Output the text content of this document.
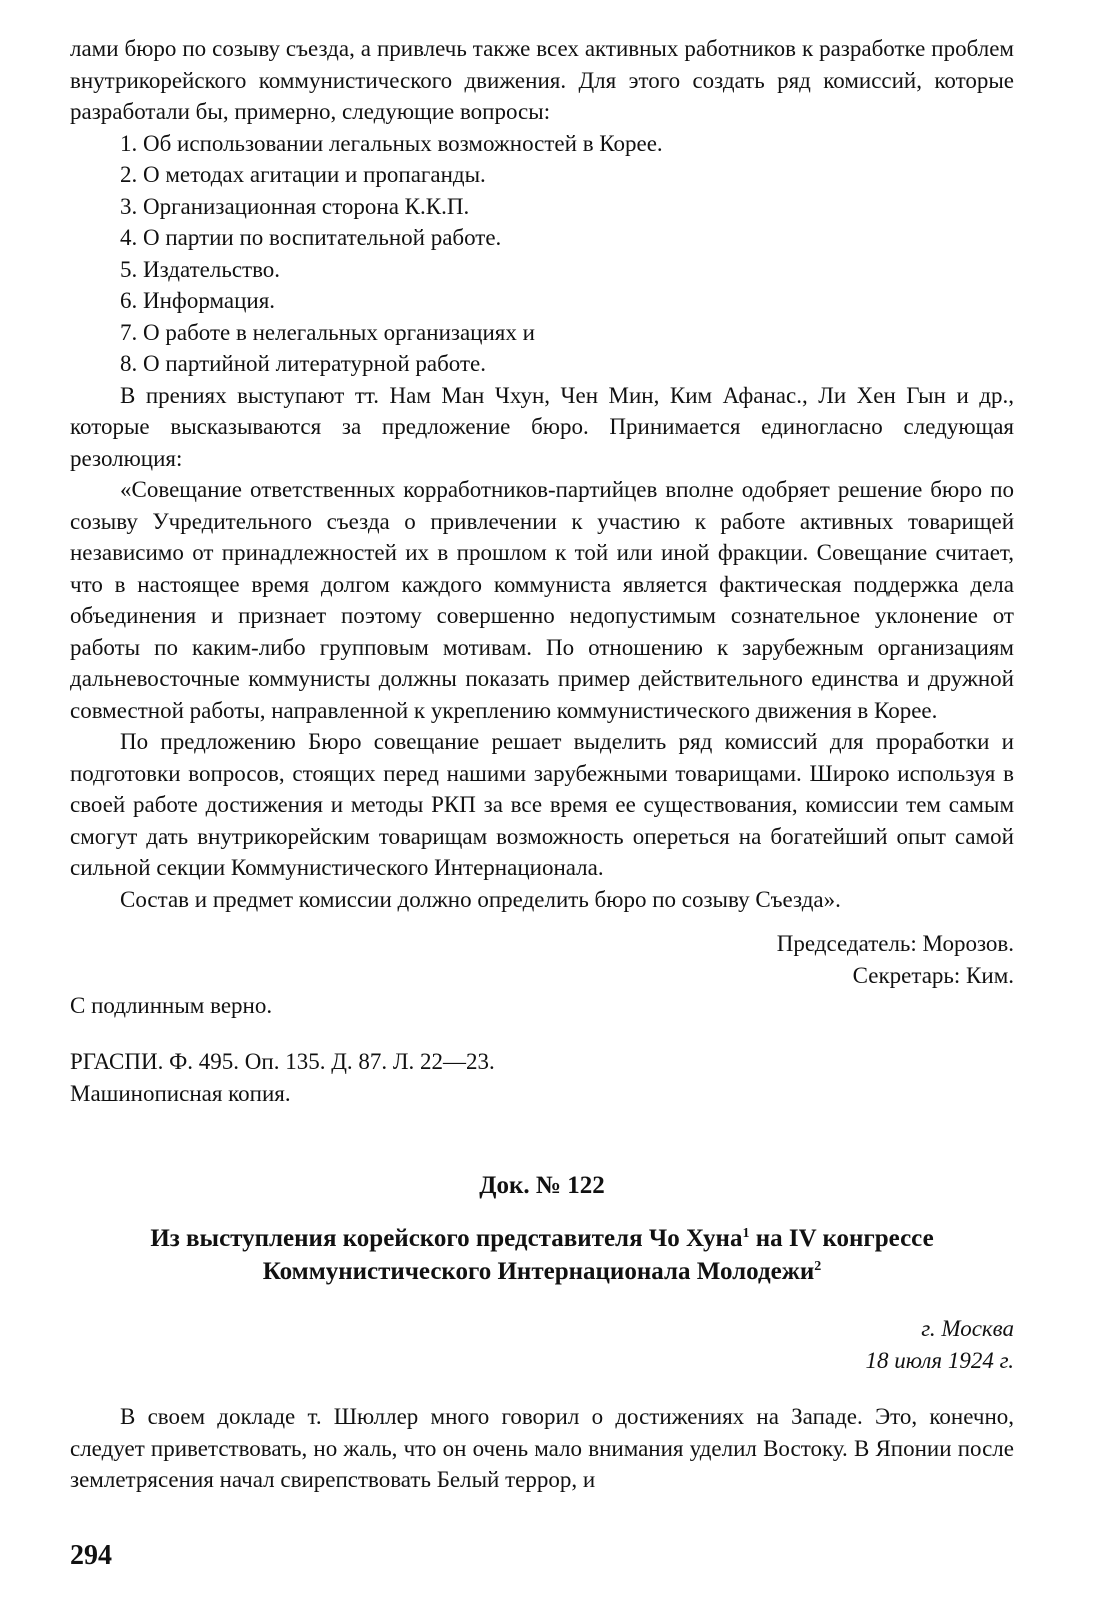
лами бюро по созыву съезда, а привлечь также всех активных работников к разработке проблем внутрикорейского коммунистического движения. Для этого создать ряд комиссий, которые разработали бы, примерно, следующие вопросы:

1. Об использовании легальных возможностей в Корее.
2. О методах агитации и пропаганды.
3. Организационная сторона К.К.П.
4. О партии по воспитательной работе.
5. Издательство.
6. Информация.
7. О работе в нелегальных организациях и
8. О партийной литературной работе.

В прениях выступают тт. Нам Ман Чхун, Чен Мин, Ким Афанас., Ли Хен Гын и др., которые высказываются за предложение бюро. Принимается единогласно следующая резолюция:

«Совещание ответственных корработников-партийцев вполне одобряет решение бюро по созыву Учредительного съезда о привлечении к участию к работе активных товарищей независимо от принадлежностей их в прошлом к той или иной фракции. Совещание считает, что в настоящее время долгом каждого коммуниста является фактическая поддержка дела объединения и признает поэтому совершенно недопустимым сознательное уклонение от работы по каким-либо групповым мотивам. По отношению к зарубежным организациям дальневосточные коммунисты должны показать пример действительного единства и дружной совместной работы, направленной к укреплению коммунистического движения в Корее.

По предложению Бюро совещание решает выделить ряд комиссий для проработки и подготовки вопросов, стоящих перед нашими зарубежными товарищами. Широко используя в своей работе достижения и методы РКП за все время ее существования, комиссии тем самым смогут дать внутрикорейским товарищам возможность опереться на богатейший опыт самой сильной секции Коммунистического Интернационала.

Состав и предмет комиссии должно определить бюро по созыву Съезда».

Председатель: Морозов.

Секретарь: Ким.

С подлинным верно.

РГАСПИ. Ф. 495. Оп. 135. Д. 87. Л. 22—23.

Машинописная копия.

Док. № 122
Из выступления корейского представителя Чо Хуна$^1$ на IV конгрессе Коммунистического Интернационала Молодежи$^2$

г. Москва

18 июля 1924 г.

В своем докладе т. Шюллер много говорил о достижениях на Западе. Это, конечно, следует приветствовать, но жаль, что он очень мало внимания уделил Востоку. В Японии после землетрясения начал свирепствовать Белый террор, и

294
